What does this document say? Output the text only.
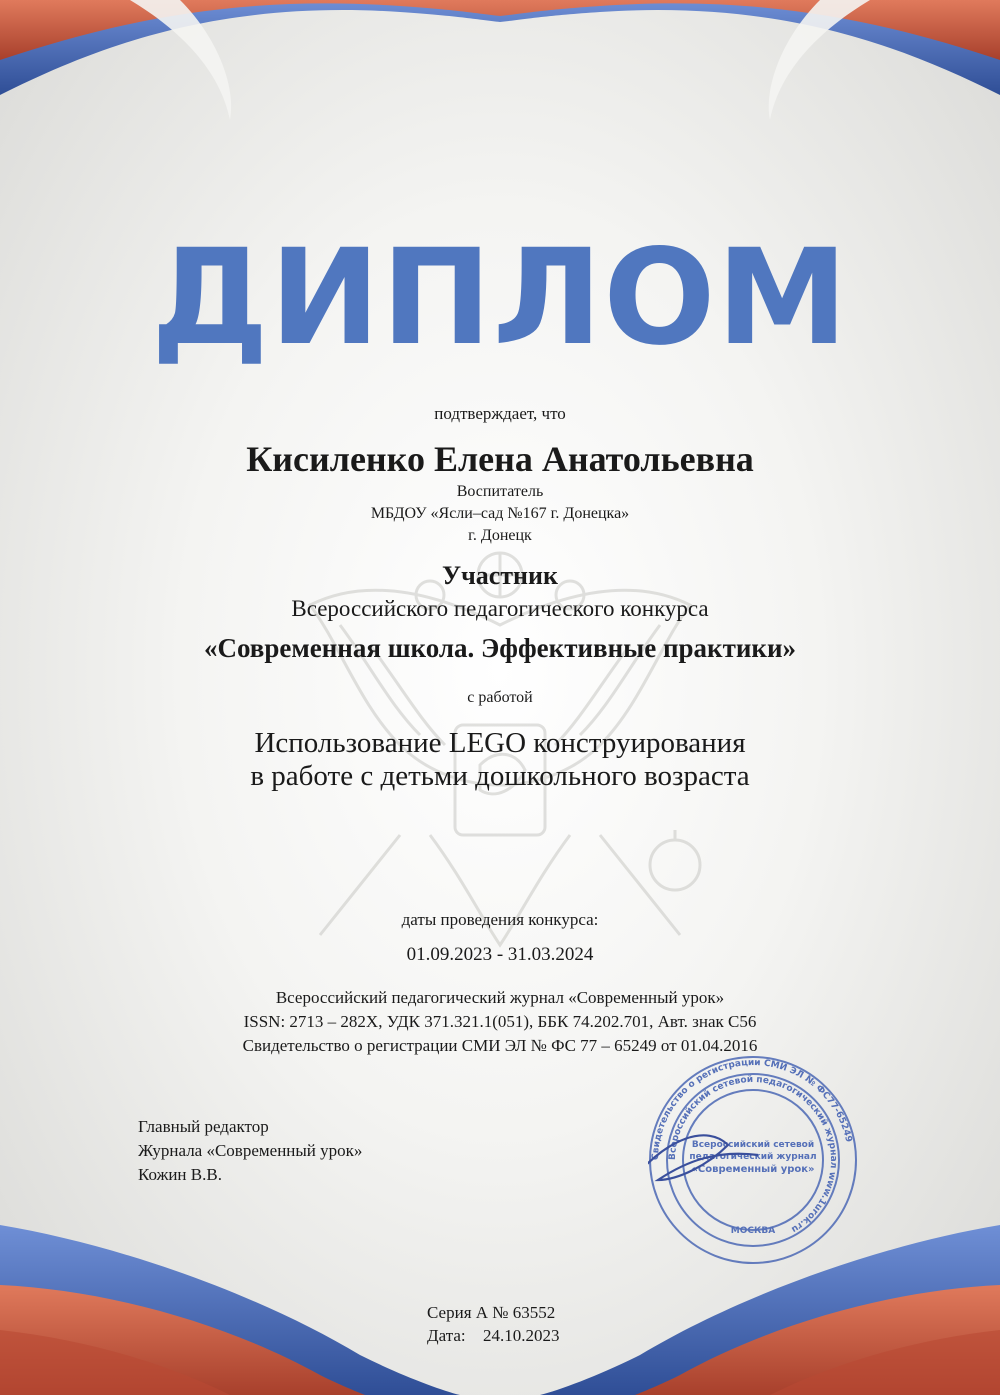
ДИПЛОМ
подтверждает, что
Кисиленко Елена Анатольевна
Воспитатель
МБДОУ «Ясли–сад №167 г. Донецка»
г. Донецк
Участник
Всероссийского педагогического конкурса
«Современная школа. Эффективные практики»
с работой
Использование LEGO конструирования
в работе с детьми дошкольного возраста
даты проведения конкурса:
01.09.2023 - 31.03.2024
Всероссийский педагогический журнал «Современный урок»
ISSN: 2713 – 282X, УДК 371.321.1(051), ББК 74.202.701, Авт. знак С56
Свидетельство о регистрации СМИ ЭЛ № ФС 77 – 65249 от 01.04.2016
Главный редактор
Журнала «Современный урок»
Кожин В.В.
Свидетельство о регистрации СМИ ЭЛ № ФС77-65249
Всероссийский сетевой педагогический журнал www.1urok.ru
Всероссийский сетевой
педагогический журнал
«Современный урок»
МОСКВА
Серия А № 63552
Дата: 24.10.2023
